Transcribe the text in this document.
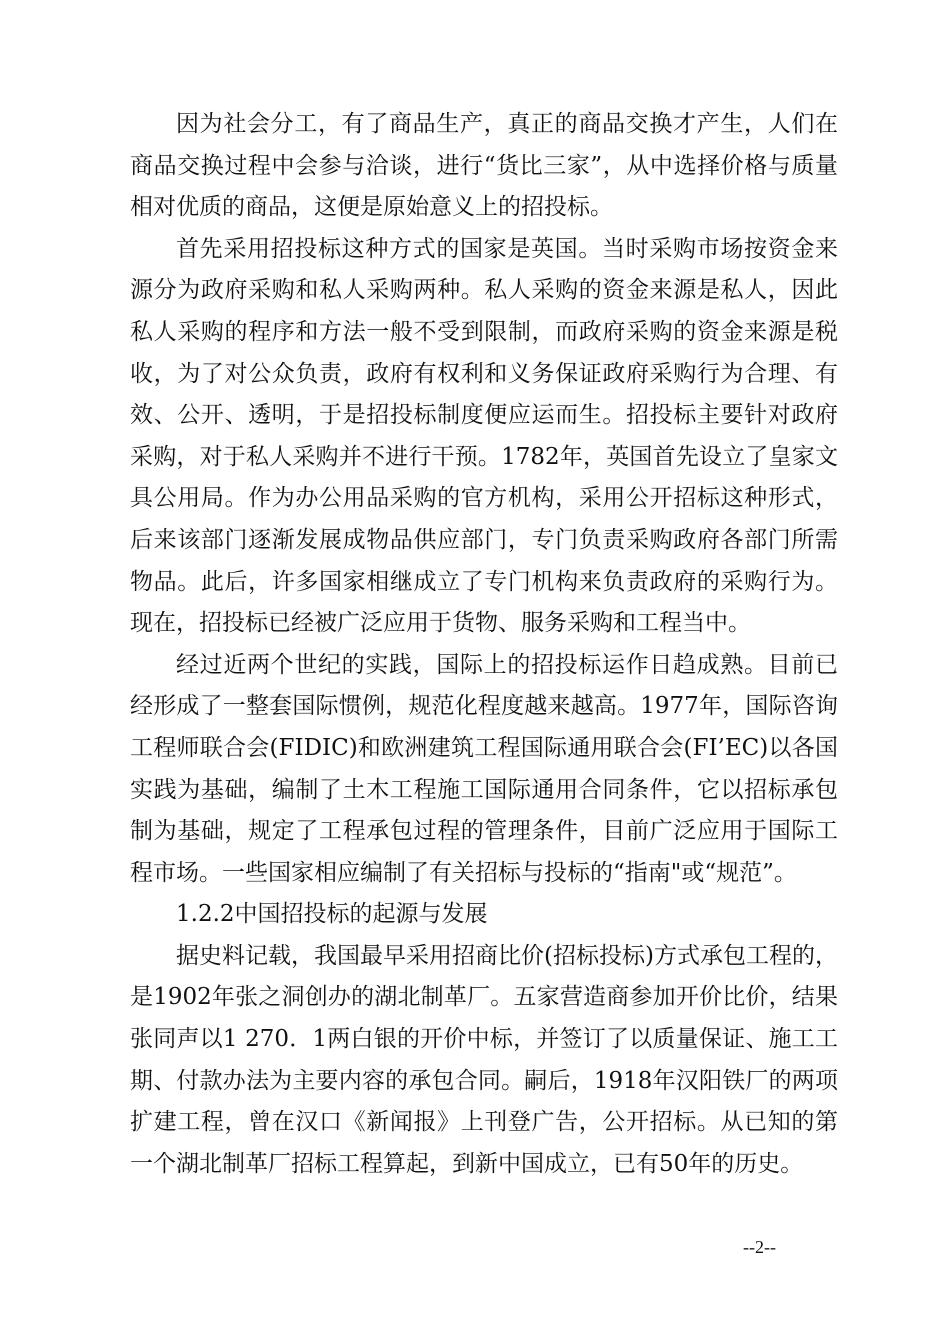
因为社会分工，有了商品生产，真正的商品交换才产生，人们在商品交换过程中会参与洽谈，进行“货比三家”，从中选择价格与质量相对优质的商品，这便是原始意义上的招投标。

首先采用招投标这种方式的国家是英国。当时采购市场按资金来源分为政府采购和私人采购两种。私人采购的资金来源是私人，因此私人采购的程序和方法一般不受到限制，而政府采购的资金来源是税收，为了对公众负责，政府有权利和义务保证政府采购行为合理、有效、公开、透明，于是招投标制度便应运而生。招投标主要针对政府采购，对于私人采购并不进行干预。1782年，英国首先设立了皇家文具公用局。作为办公用品采购的官方机构，采用公开招标这种形式，后来该部门逐渐发展成物品供应部门，专门负责采购政府各部门所需物品。此后，许多国家相继成立了专门机构来负责政府的采购行为。现在，招投标已经被广泛应用于货物、服务采购和工程当中。

经过近两个世纪的实践，国际上的招投标运作日趋成熟。目前已经形成了一整套国际惯例，规范化程度越来越高。1977年，国际咨询工程师联合会(FIDIC)和欧洲建筑工程国际通用联合会(FI’EC)以各国实践为基础，编制了土木工程施工国际通用合同条件，它以招标承包制为基础，规定了工程承包过程的管理条件，目前广泛应用于国际工程市场。一些国家相应编制了有关招标与投标的“指南"或“规范”。

1.2.2中国招投标的起源与发展

据史料记载，我国最早采用招商比价(招标投标)方式承包工程的，是1902年张之洞创办的湖北制革厂。五家营造商参加开价比价，结果张同声以1 270．1两白银的开价中标，并签订了以质量保证、施工工期、付款办法为主要内容的承包合同。嗣后，1918年汉阳铁厂的两项扩建工程，曾在汉口《新闻报》上刊登广告，公开招标。从已知的第一个湖北制革厂招标工程算起，到新中国成立，已有50年的历史。

--2--
